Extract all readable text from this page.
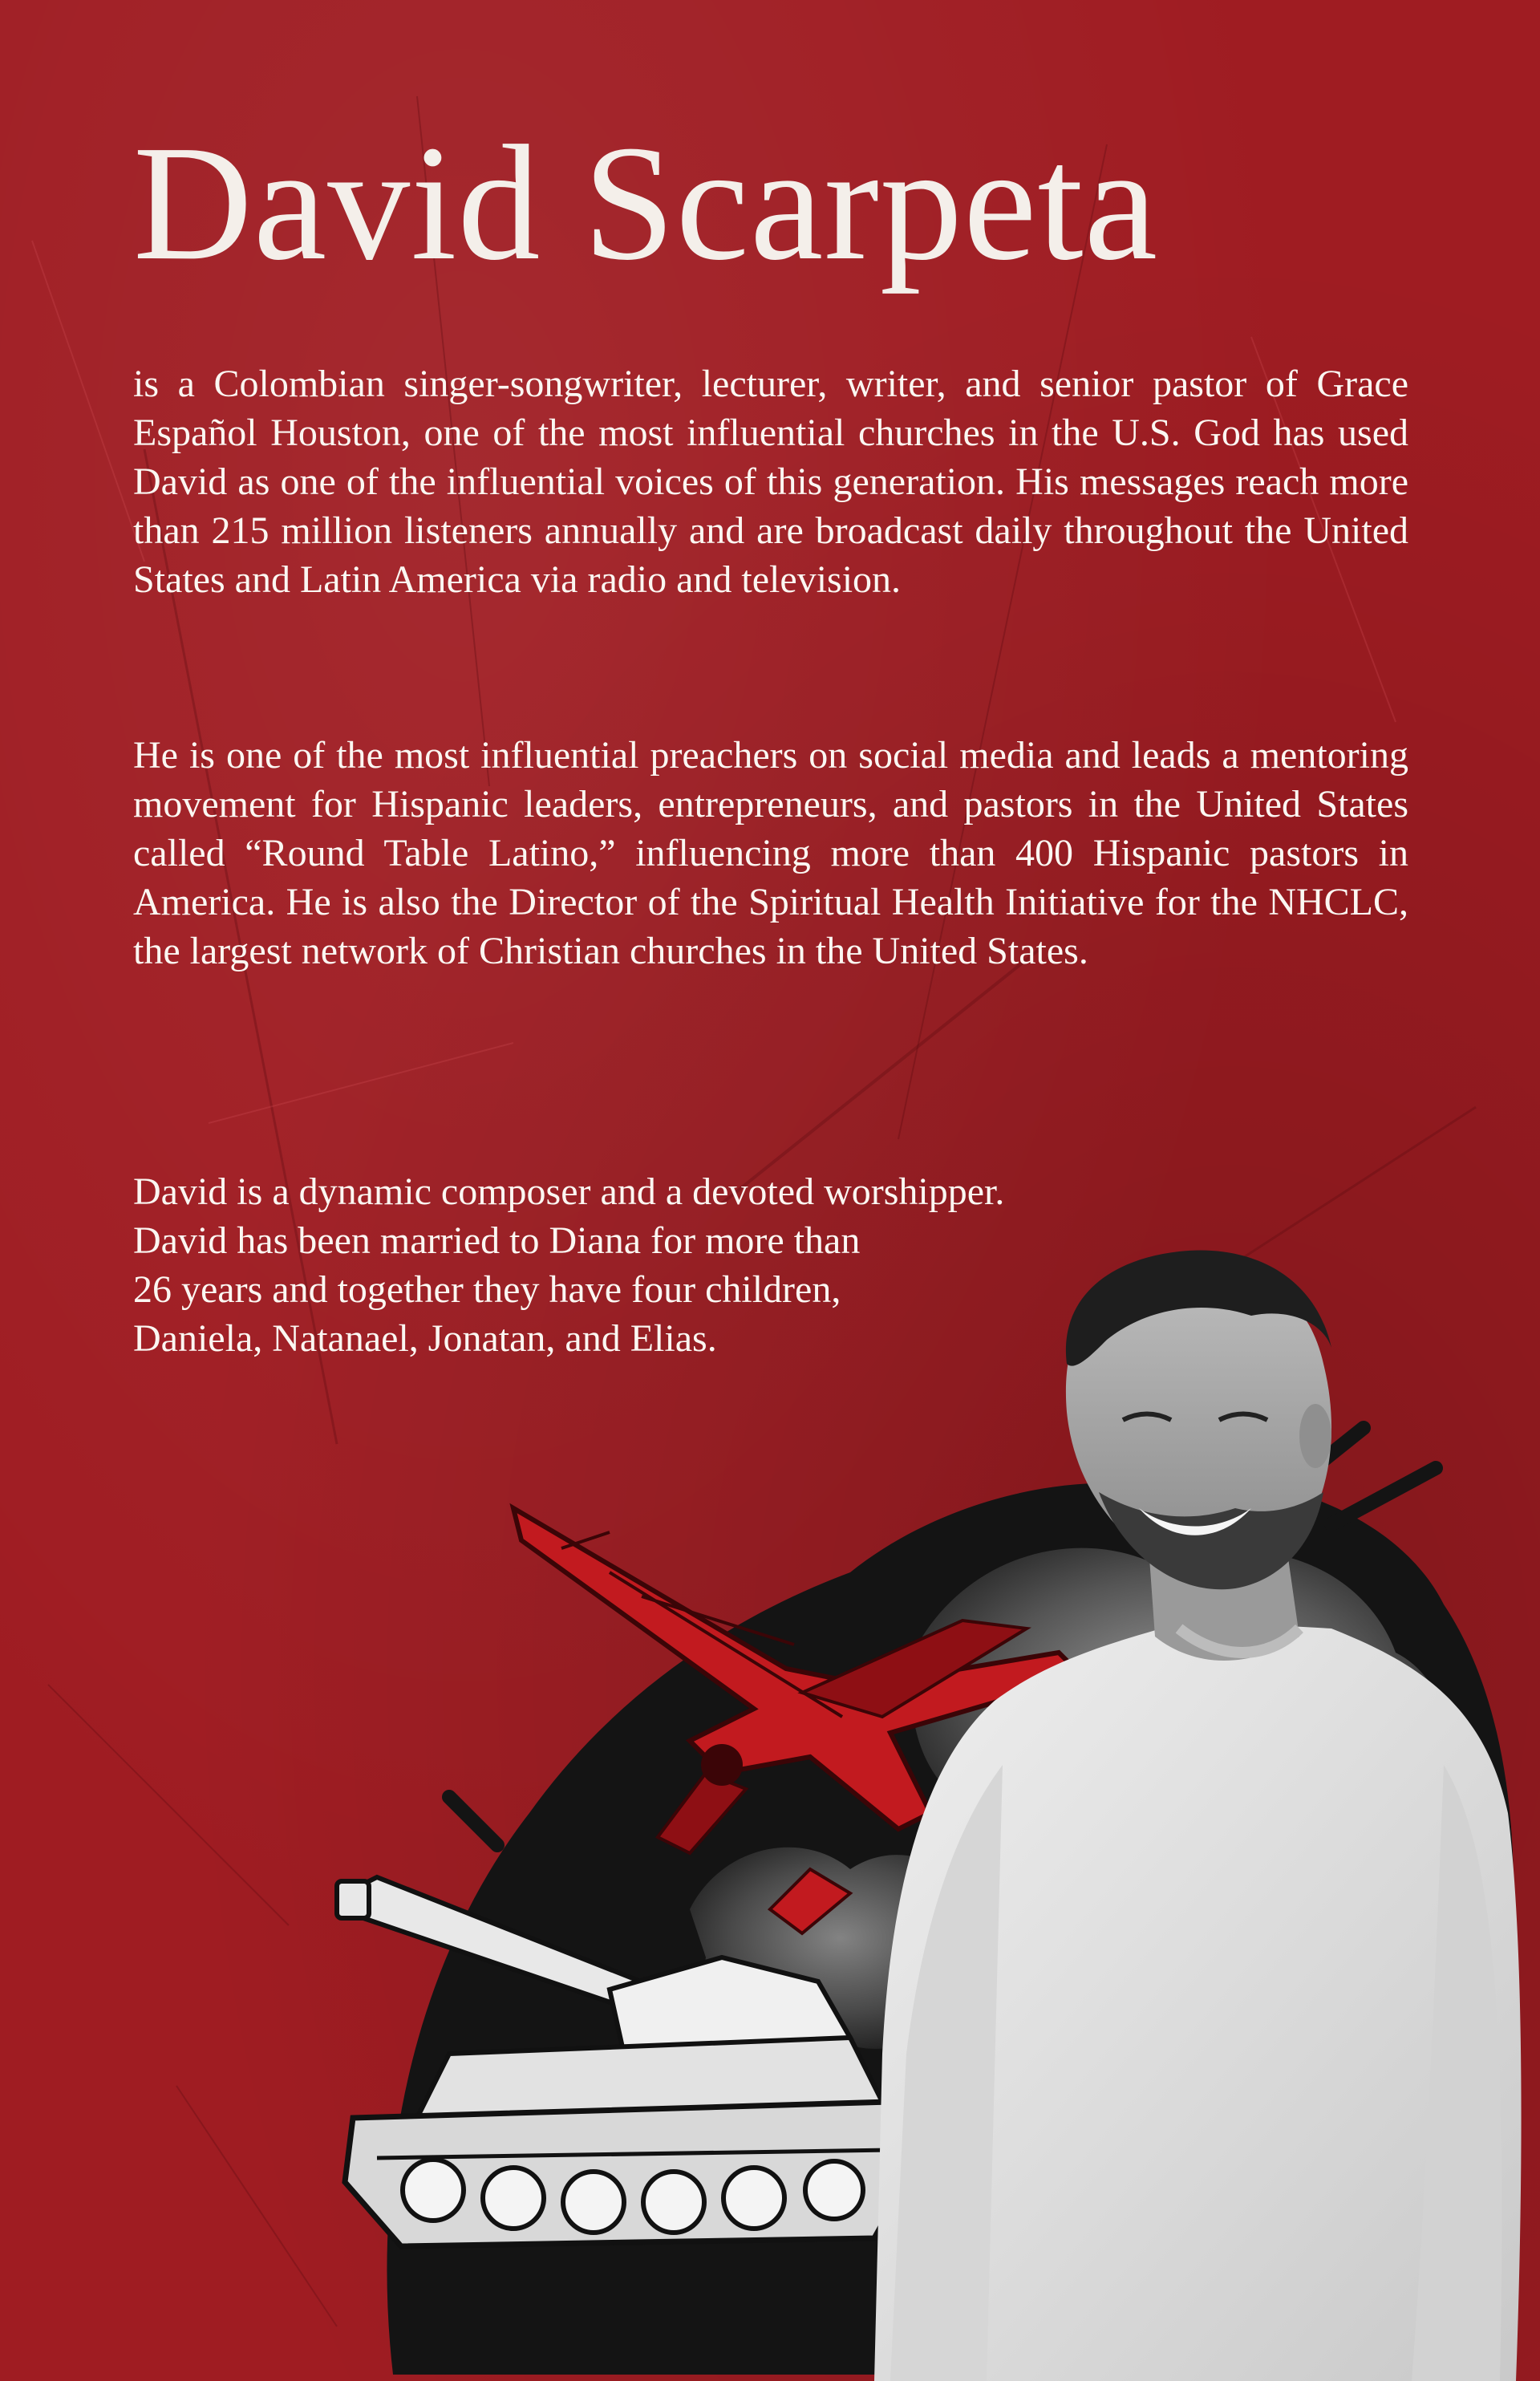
David Scarpeta

is a Colombian singer-songwriter, lecturer, writer, and senior pastor of Grace Español Houston, one of the most influential churches in the U.S. God has used David as one of the influential voices of this generation. His messages reach more than 215 million listeners annually and are broadcast daily throughout the United States and Latin America via radio and television.

He is one of the most influential preachers on social media and leads a mentoring movement for Hispanic leaders, entrepreneurs, and pastors in the United States called “Round Table Latino,” influencing more than 400 Hispanic pastors in America. He is also the Director of the Spiritual Health Initiative for the NHCLC, the largest network of Christian churches in the United States.

David is a dynamic composer and a devoted worshipper.
David has been married to Diana for more than
26 years and together they have four children,
Daniela, Natanael, Jonatan, and Elias.
